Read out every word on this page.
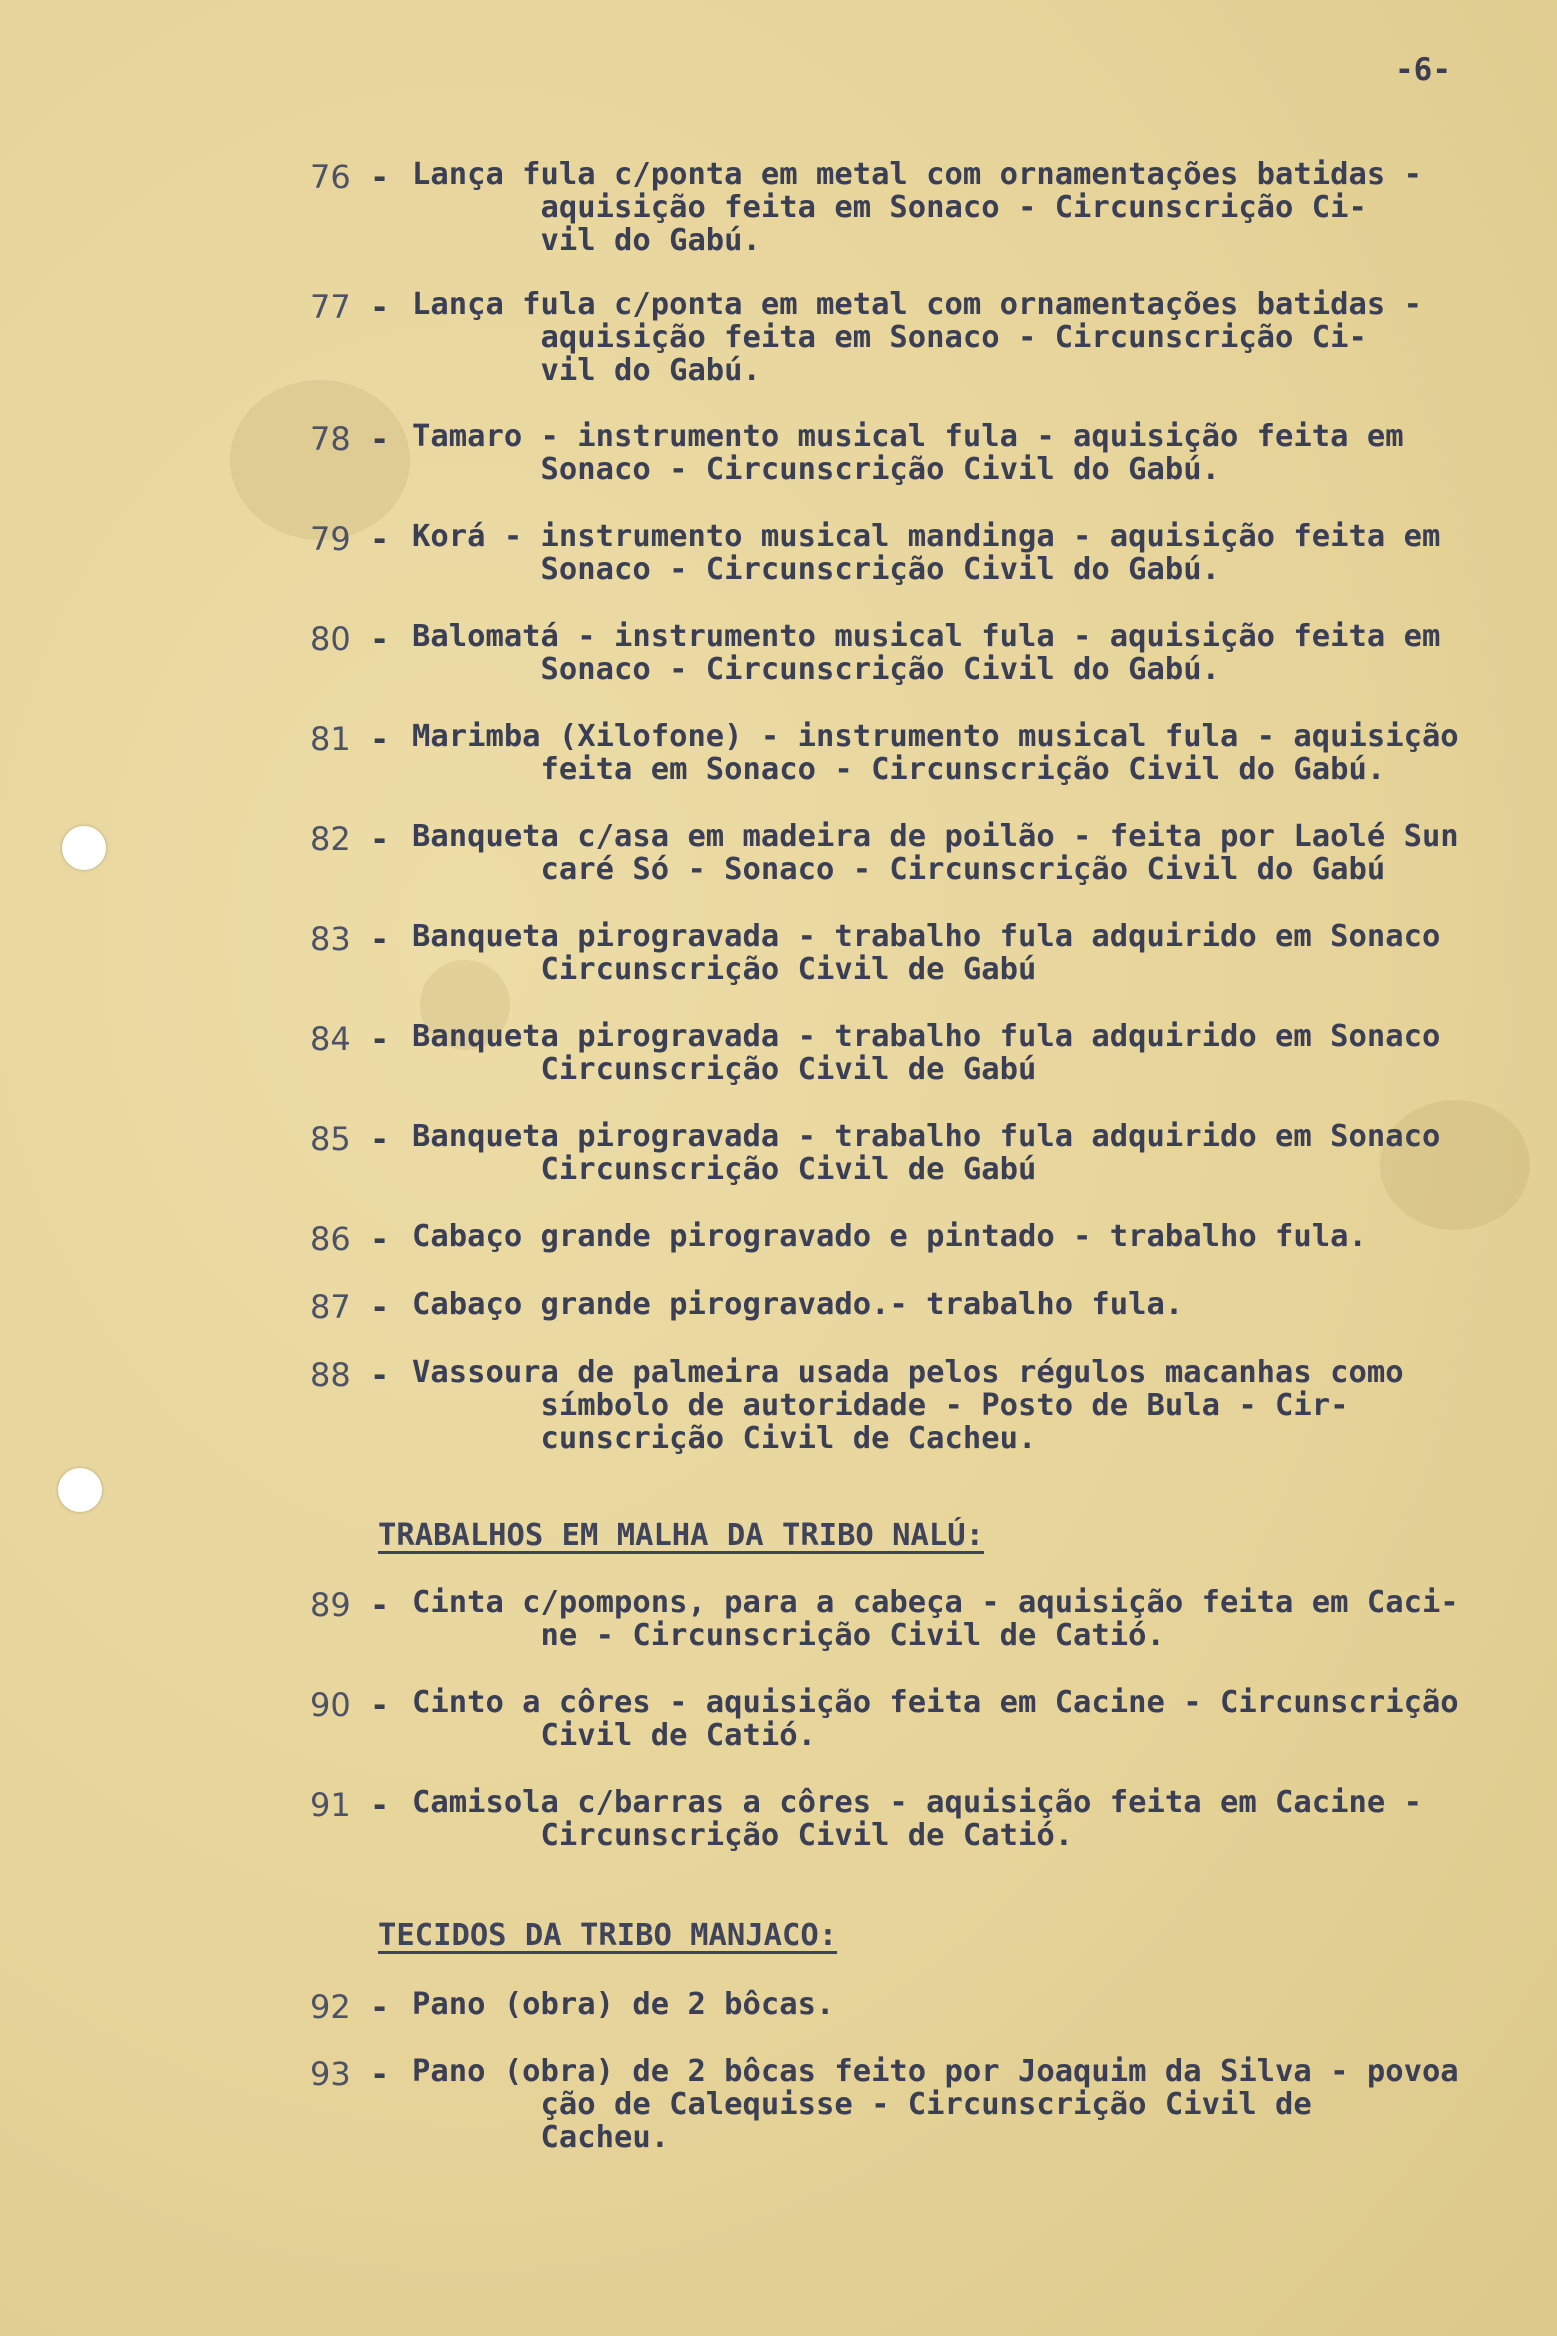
-6-
76 - Lança fula c/ponta em metal com ornamentações batidas -
aquisição feita em Sonaco - Circunscrição Ci-
vil do Gabú.
77 - Lança fula c/ponta em metal com ornamentações batidas -
aquisição feita em Sonaco - Circunscrição Ci-
vil do Gabú.
78 - Tamaro - instrumento musical fula - aquisição feita em
Sonaco - Circunscrição Civil do Gabú.
79 - Korá - instrumento musical mandinga - aquisição feita em
Sonaco - Circunscrição Civil do Gabú.
80 - Balomatá - instrumento musical fula - aquisição feita em
Sonaco - Circunscrição Civil do Gabú.
81 - Marimba (Xilofone) - instrumento musical fula - aquisição
feita em Sonaco - Circunscrição Civil do Gabú.
82 - Banqueta c/asa em madeira de poilão - feita por Laolé Sun
caré Só - Sonaco - Circunscrição Civil do Gabú
83 - Banqueta pirogravada - trabalho fula adquirido em Sonaco
Circunscrição Civil de Gabú
84 - Banqueta pirogravada - trabalho fula adquirido em Sonaco
Circunscrição Civil de Gabú
85 - Banqueta pirogravada - trabalho fula adquirido em Sonaco
Circunscrição Civil de Gabú
86 - Cabaço grande pirogravado e pintado - trabalho fula.
87 - Cabaço grande pirogravado.- trabalho fula.
88 - Vassoura de palmeira usada pelos régulos macanhas como
símbolo de autoridade - Posto de Bula - Cir-
cunscrição Civil de Cacheu.
TRABALHOS EM MALHA DA TRIBO NALÚ:
89 - Cinta c/pompons, para a cabeça - aquisição feita em Caci-
ne - Circunscrição Civil de Catió.
90 - Cinto a côres - aquisição feita em Cacine - Circunscrição
Civil de Catió.
91 - Camisola c/barras a côres - aquisição feita em Cacine -
Circunscrição Civil de Catió.
TECIDOS DA TRIBO MANJACO:
92 - Pano (obra) de 2 bôcas.
93 - Pano (obra) de 2 bôcas feito por Joaquim da Silva - povoa
ção de Calequisse - Circunscrição Civil de
Cacheu.
